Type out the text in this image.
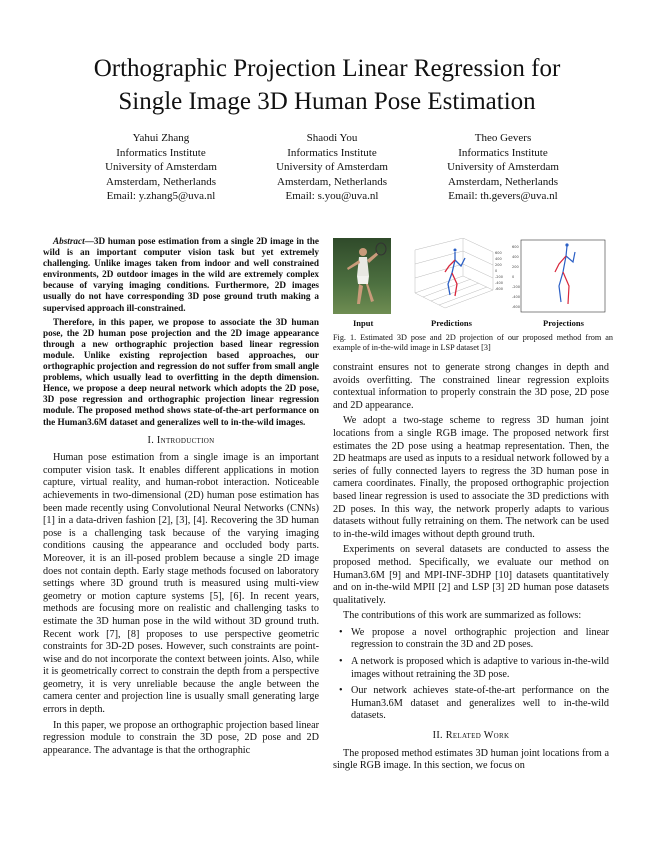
Orthographic Projection Linear Regression for
Single Image 3D Human Pose Estimation
Yahui Zhang
Informatics Institute
University of Amsterdam
Amsterdam, Netherlands
Email: y.zhang5@uva.nl
Shaodi You
Informatics Institute
University of Amsterdam
Amsterdam, Netherlands
Email: s.you@uva.nl
Theo Gevers
Informatics Institute
University of Amsterdam
Amsterdam, Netherlands
Email: th.gevers@uva.nl

Abstract—3D human pose estimation from a single 2D image in the wild is an important computer vision task but yet extremely challenging. Unlike images taken from indoor and well constrained environments, 2D outdoor images in the wild are extremely complex because of varying imaging conditions. Furthermore, 2D images usually do not have corresponding 3D pose ground truth making a supervised approach ill-constrained.

Therefore, in this paper, we propose to associate the 3D human pose, the 2D human pose projection and the 2D image appearance through a new orthographic projection based linear regression module. Unlike existing reprojection based approaches, our orthographic projection and regression do not suffer from small angle problems, which usually lead to overfitting in the depth dimension. Hence, we propose a deep neural network which adopts the 2D pose, 3D pose regression and orthographic projection linear regression module. The proposed method shows state-of-the-art performance on the Human3.6M dataset and generalizes well to in-the-wild images.

I. Introduction

Human pose estimation from a single image is an important computer vision task. It enables different applications in motion capture, virtual reality, and human-robot interaction. Noticeable achievements in two-dimensional (2D) human pose estimation has been made recently using Convolutional Neural Networks (CNNs) [1] in a data-driven fashion [2], [3], [4]. Recovering the 3D human pose is a challenging task because of the varying imaging conditions causing the appearance and occluded body parts. Moreover, it is an ill-posed problem because a single 2D image does not contain depth. Early stage methods focused on laboratory settings where 3D ground truth is measured using multi-view geometry or motion capture systems [5], [6]. In recent years, methods are focusing more on realistic and challenging tasks to estimate the 3D human pose in the wild without 3D ground truth. Recent work [7], [8] proposes to use perspective geometric constraints for 3D-2D poses. However, such constraints are point-wise and do not incorporate the context between joints. Also, while it is geometrically correct to constrain the depth from a perspective geometry, it is very unreliable because the angle between the camera center and projection line is usually small generating large errors in depth.

In this paper, we propose an orthographic projection based linear regression module to constrain the 3D pose, 2D pose and 2D appearance. The advantage is that the orthographic

600
400
200
0
-200
-400
-600
600
400
200
0
-200
-400
-600
Input	Predictions	Projections
Fig. 1. Estimated 3D pose and 2D projection of our proposed method from an example of in-the-wild image in LSP dataset [3]

constraint ensures not to generate strong changes in depth and avoids overfitting. The constrained linear regression exploits contextual information to properly constrain the 3D pose, 2D pose and 2D appearance.

We adopt a two-stage scheme to regress 3D human joint locations from a single RGB image. The proposed network first estimates the 2D pose using a heatmap representation. Then, the 2D heatmaps are used as inputs to a residual network followed by a series of fully connected layers to regress the 3D human pose in camera coordinates. Finally, the proposed orthographic projection based linear regression is used to associate the 3D predictions with 2D poses. In this way, the network properly adapts to various datasets without fully retraining on them. The network can be used to in-the-wild images without depth ground truth.

Experiments on several datasets are conducted to assess the proposed method. Specifically, we evaluate our method on Human3.6M [9] and MPI-INF-3DHP [10] datasets quantitatively and on in-the-wild MPII [2] and LSP [3] 2D human pose datasets qualitatively.

The contributions of this work are summarized as follows:

• We propose a novel orthographic projection and linear regression to constrain the 3D and 2D poses.
• A network is proposed which is adaptive to various in-the-wild images without retraining the 3D pose.
• Our network achieves state-of-the-art performance on the Human3.6M dataset and generalizes well to in-the-wild datasets.
II. Related Work

The proposed method estimates 3D human joint locations from a single RGB image. In this section, we focus on
